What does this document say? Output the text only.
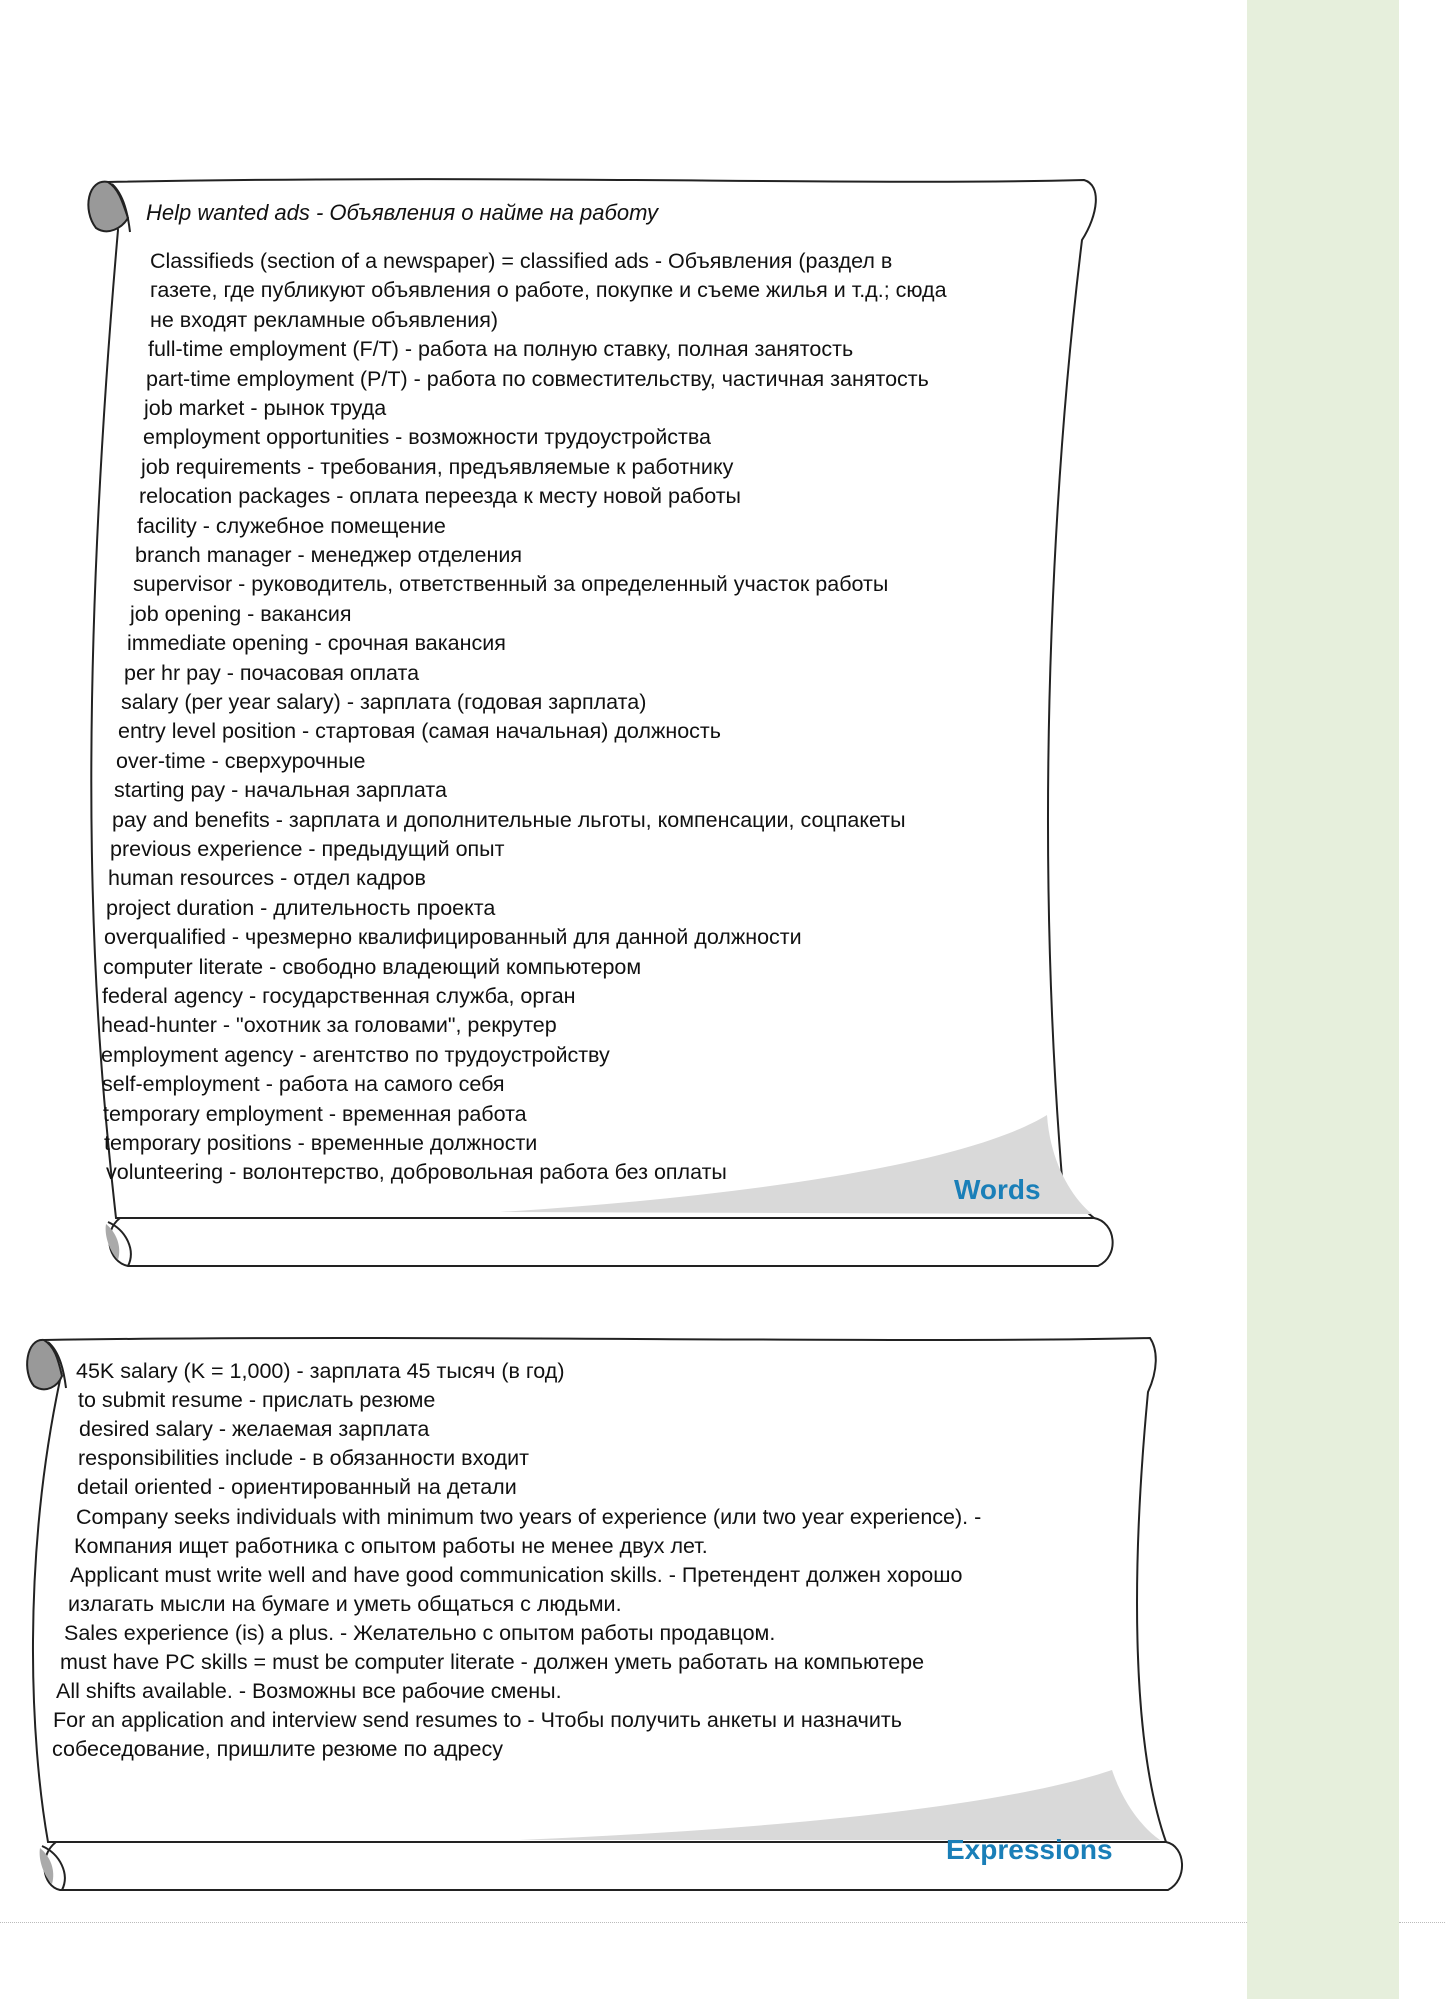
Help wanted ads - Объявления о найме на работу
Classifieds (section of a newspaper) = classified ads - Объявления (раздел в
газете, где публикуют объявления о работе, покупке и съеме жилья и т.д.; сюда
не входят рекламные объявления)
full-time employment (F/T) - работа на полную ставку, полная занятость
part-time employment (P/T) - работа по совместительству, частичная занятость
job market - рынок труда
employment opportunities - возможности трудоустройства
job requirements - требования, предъявляемые к работнику
relocation packages - оплата переезда к месту новой работы
facility - служебное помещение
branch manager - менеджер отделения
supervisor - руководитель, ответственный за определенный участок работы
job opening - вакансия
immediate opening - срочная вакансия
per hr pay - почасовая оплата
salary (per year salary) - зарплата (годовая зарплата)
entry level position - стартовая (самая начальная) должность
over-time - сверхурочные
starting pay - начальная зарплата
pay and benefits - зарплата и дополнительные льготы, компенсации, соцпакеты
previous experience - предыдущий опыт
human resources - отдел кадров
project duration - длительность проекта
overqualified - чрезмерно квалифицированный для данной должности
computer literate - свободно владеющий компьютером
federal agency - государственная служба, орган
head-hunter - "охотник за головами", рекрутер
employment agency - агентство по трудоустройству
self-employment - работа на самого себя
temporary employment - временная работа
temporary positions - временные должности
volunteering - волонтерство, добровольная работа без оплаты
Words
45K salary (K = 1,000) - зарплата 45 тысяч (в год)
to submit resume - прислать резюме
desired salary - желаемая зарплата
responsibilities include - в обязанности входит
detail oriented - ориентированный на детали
Company seeks individuals with minimum two years of experience (или two year experience). -
Компания ищет работника с опытом работы не менее двух лет.
Applicant must write well and have good communication skills. - Претендент должен хорошо
излагать мысли на бумаге и уметь общаться с людьми.
Sales experience (is) a plus. - Желательно с опытом работы продавцом.
must have PC skills = must be computer literate - должен уметь работать на компьютере
All shifts available. - Возможны все рабочие смены.
For an application and interview send resumes to - Чтобы получить анкеты и назначить
собеседование, пришлите резюме по адресу
Expressions
